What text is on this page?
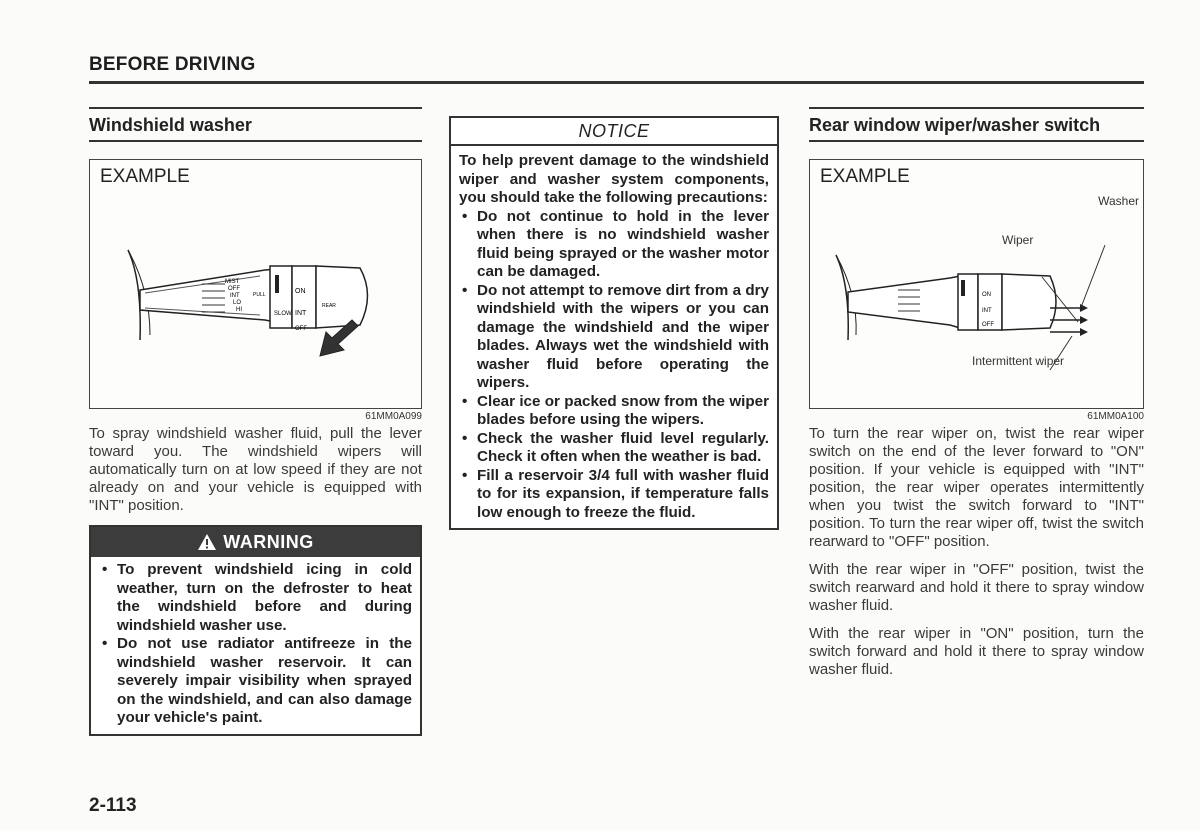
BEFORE DRIVING
Windshield washer
EXAMPLE
MIST
OFF
INT
LO
HI
PULL	ON
SLOW INT
REAR
OFF
61MM0A099

To spray windshield washer fluid, pull the lever toward you. The windshield wipers will automatically turn on at low speed if they are not already on and your vehicle is equipped with "INT" position.

WARNING
• To prevent windshield icing in cold weather, turn on the defroster to heat the windshield before and during windshield washer use.
• Do not use radiator antifreeze in the windshield washer reservoir. It can severely impair visibility when sprayed on the windshield, and can also damage your vehicle's paint.
NOTICE
To help prevent damage to the windshield wiper and washer system components, you should take the following precautions:
• Do not continue to hold in the lever when there is no windshield washer fluid being sprayed or the washer motor can be damaged.
• Do not attempt to remove dirt from a dry windshield with the wipers or you can damage the windshield and the wiper blades. Always wet the windshield with washer fluid before operating the wipers.
• Clear ice or packed snow from the wiper blades before using the wipers.
• Check the washer fluid level regularly. Check it often when the weather is bad.
• Fill a reservoir 3/4 full with washer fluid to for its expansion, if temperature falls low enough to freeze the fluid.
Rear window wiper/washer switch
EXAMPLE
ON
INT
OFF
Washer
Wiper
Intermittent wiper
61MM0A100

To turn the rear wiper on, twist the rear wiper switch on the end of the lever forward to "ON" position. If your vehicle is equipped with "INT" position, the rear wiper operates intermittently when you twist the switch forward to "INT" position. To turn the rear wiper off, twist the switch rearward to "OFF" position.

With the rear wiper in "OFF" position, twist the switch rearward and hold it there to spray window washer fluid.

With the rear wiper in "ON" position, turn the switch forward and hold it there to spray window washer fluid.

2-113
